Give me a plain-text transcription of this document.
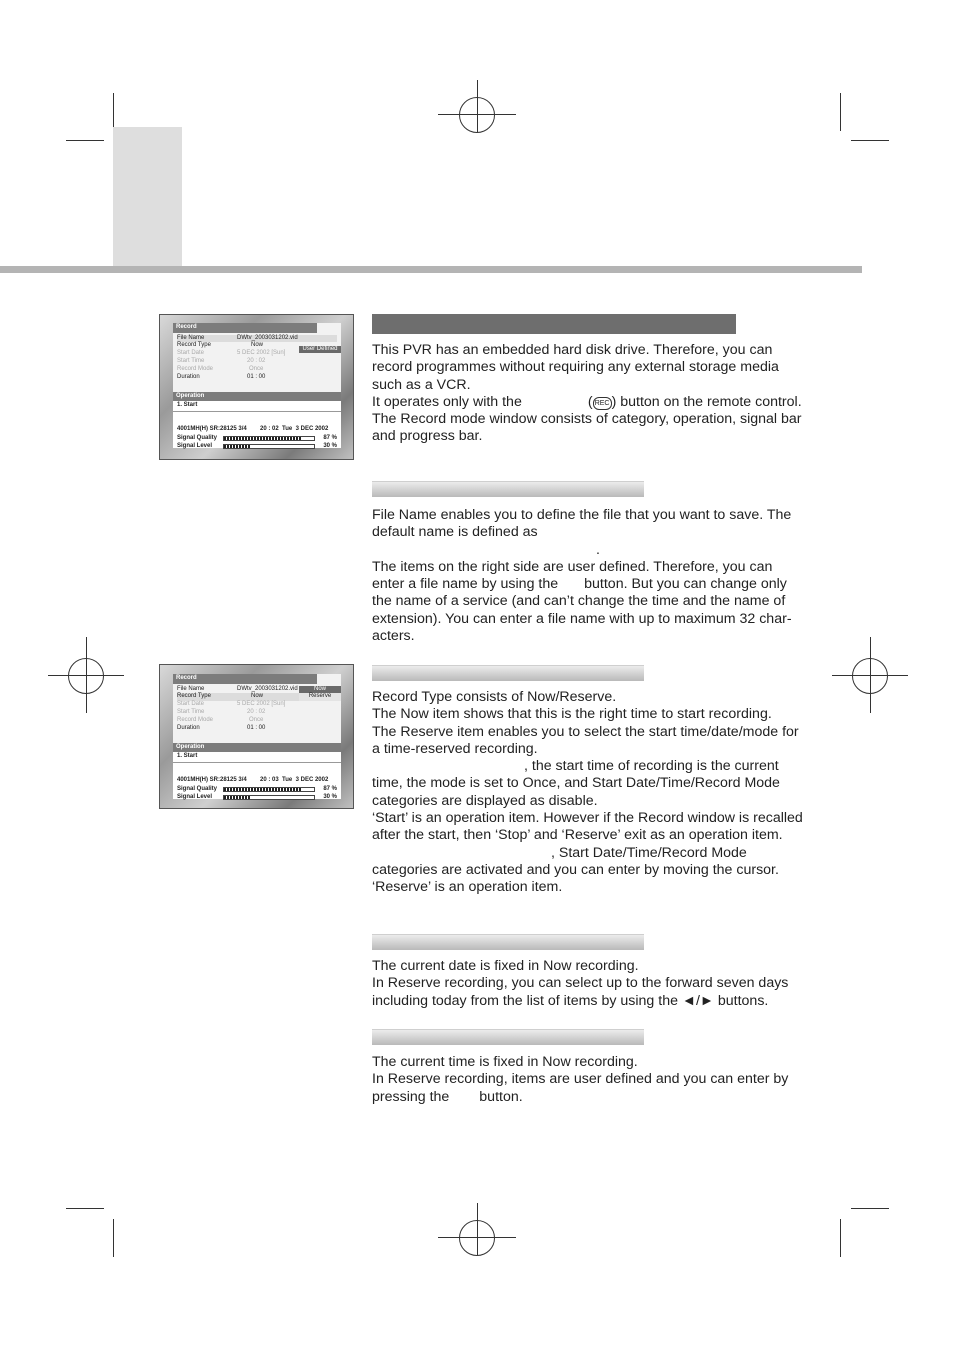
Record
File Name	DWtv_2003031202.vid
Record Type	Now
Start Date	5 DEC 2002 [Sun]
Start Time	20 : 02
Record Mode	Once
Duration	01 : 00
User Defined
Operation
1. Start
4001MH(H) SR:28125 3/4        20 : 02  Tue  3 DEC 2002
Signal Quality	87 %
Signal Level	30 %
Record
File Name	DWtv_2003031202.vid
Record Type	Now
Start Date	5 DEC 2002 [Sun]
Start Time	20 : 02
Record Mode	Once
Duration	01 : 00
Now
Reserve
Operation
1. Start
4001MH(H) SR:28125 3/4        20 : 03  Tue  3 DEC 2002
Signal Quality	87 %
Signal Level	30 %

This PVR has an embedded hard disk drive. Therefore, you can record programmes without requiring any external storage media such as a VCR.

It operates only with the	( REC ) button on the remote control.

The Record mode window consists of category, operation, signal bar and progress bar.

File Name enables you to define the file that you want to save. The default name is defined as

.

The items on the right side are user defined. Therefore, you can enter a file name by using the button. But you can change only the name of a service (and can’t change the time and the name of extension). You can enter a file name with up to maximum 32 char- acters.

Record Type consists of Now/Reserve.

The Now item shows that this is the right time to start recording.

The Reserve item enables you to select the start time/date/mode for a time-reserved recording.

, the start time of recording is the current time, the mode is set to Once, and Start Date/Time/Record Mode categories are displayed as disable.

‘Start’ is an operation item. However if the Record window is recalled after the start, then ‘Stop’ and ‘Reserve’ exit as an operation item.

, Start Date/Time/Record Mode categories are activated and you can enter by moving the cursor.

‘Reserve’ is an operation item.

The current date is fixed in Now recording.

In Reserve recording, you can select up to the forward seven days including today from the list of items by using the ◄/► buttons.

The current time is fixed in Now recording.

In Reserve recording, items are user defined and you can enter by pressing the button.
